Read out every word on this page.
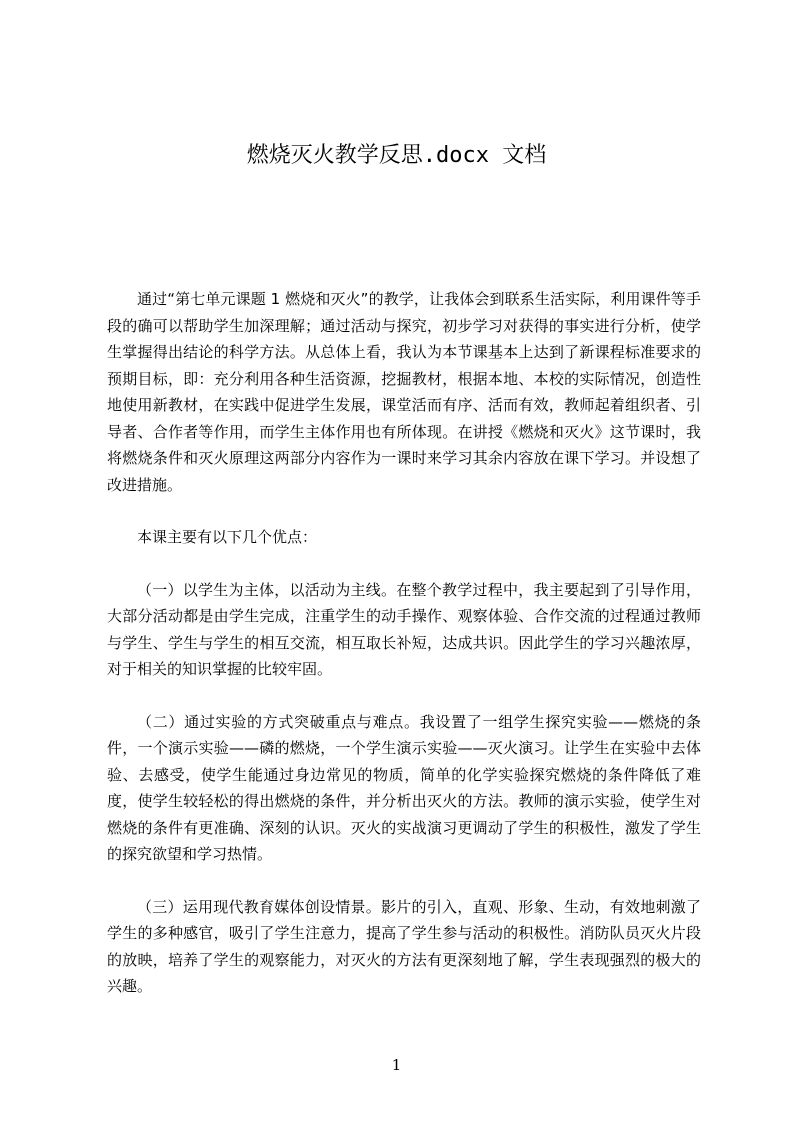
燃烧灭火教学反思.docx 文档

通过“第七单元课题 1 燃烧和灭火”的教学，让我体会到联系生活实际，利用课件等手段的确可以帮助学生加深理解；通过活动与探究，初步学习对获得的事实进行分析，使学生掌握得出结论的科学方法。从总体上看，我认为本节课基本上达到了新课程标准要求的预期目标，即：充分利用各种生活资源，挖掘教材，根据本地、本校的实际情况，创造性地使用新教材，在实践中促进学生发展，课堂活而有序、活而有效，教师起着组织者、引导者、合作者等作用，而学生主体作用也有所体现。在讲授《燃烧和灭火》这节课时，我将燃烧条件和灭火原理这两部分内容作为一课时来学习其余内容放在课下学习。并设想了改进措施。

本课主要有以下几个优点：

（一）以学生为主体，以活动为主线。在整个教学过程中，我主要起到了引导作用，大部分活动都是由学生完成，注重学生的动手操作、观察体验、合作交流的过程通过教师与学生、学生与学生的相互交流，相互取长补短，达成共识。因此学生的学习兴趣浓厚，对于相关的知识掌握的比较牢固。

（二）通过实验的方式突破重点与难点。我设置了一组学生探究实验——燃烧的条件，一个演示实验——磷的燃烧，一个学生演示实验——灭火演习。让学生在实验中去体验、去感受，使学生能通过身边常见的物质，简单的化学实验探究燃烧的条件降低了难度，使学生较轻松的得出燃烧的条件，并分析出灭火的方法。教师的演示实验，使学生对燃烧的条件有更准确、深刻的认识。灭火的实战演习更调动了学生的积极性，激发了学生的探究欲望和学习热情。

（三）运用现代教育媒体创设情景。影片的引入，直观、形象、生动，有效地刺激了学生的多种感官，吸引了学生注意力，提高了学生参与活动的积极性。消防队员灭火片段的放映，培养了学生的观察能力，对灭火的方法有更深刻地了解，学生表现强烈的极大的兴趣。

1
